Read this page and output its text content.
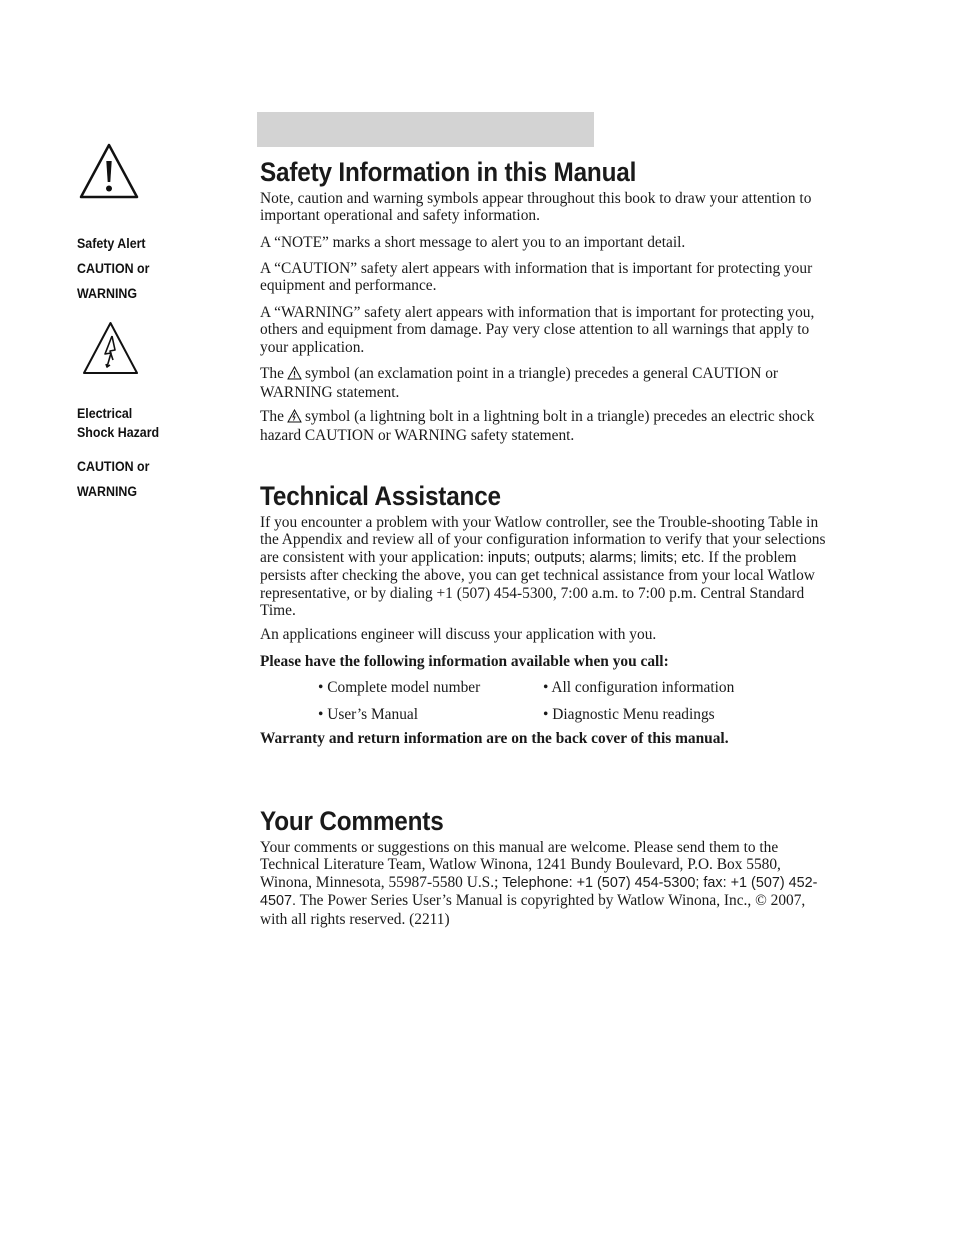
Safety Alert
CAUTION or
WARNING
Electrical
Shock Hazard
CAUTION or
WARNING
Safety Information in this Manual

Note, caution and warning symbols appear throughout this book to draw your attention to important operational and safety information.

A “NOTE” marks a short message to alert you to an important detail.

A “CAUTION” safety alert appears with information that is important for protecting your equipment and performance.

A “WARNING” safety alert appears with information that is important for protecting you, others and equipment from damage. Pay very close attention to all warnings that apply to your application.

The symbol (an exclamation point in a triangle) precedes a general CAUTION or WARNING statement.

The symbol (a lightning bolt in a lightning bolt in a triangle) precedes an electric shock hazard CAUTION or WARNING safety statement.

Technical Assistance

If you encounter a problem with your Watlow controller, see the Trouble-shooting Table in the Appendix and review all of your configuration information to verify that your selections are consistent with your application: inputs; outputs; alarms; limits; etc. If the problem persists after checking the above, you can get technical assistance from your local Watlow representative, or by dialing +1 (507) 454-5300, 7:00 a.m. to 7:00 p.m. Central Standard Time.

An applications engineer will discuss your application with you.

Please have the following information available when you call:

• Complete model number	• All configuration information
• User’s Manual	• Diagnostic Menu readings

Warranty and return information are on the back cover of this manual.

Your Comments

Your comments or suggestions on this manual are welcome. Please send them to the Technical Literature Team, Watlow Winona, 1241 Bundy Boulevard, P.O. Box 5580, Winona, Minnesota, 55987-5580 U.S.; Telephone: +1 (507) 454-5300; fax: +1 (507) 452-4507. The Power Series User’s Manual is copyrighted by Watlow Winona, Inc., © 2007, with all rights reserved. (2211)
